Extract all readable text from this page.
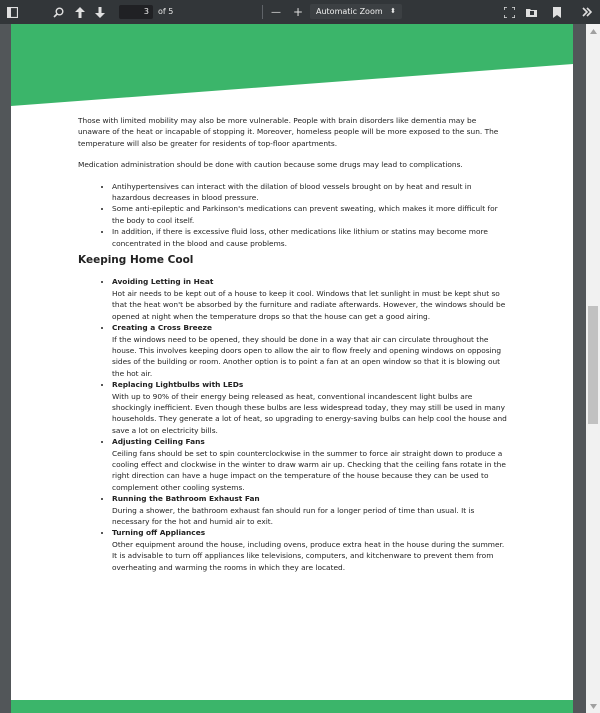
3	of 5	— +	Automatic Zoom ⬍

Those with limited mobility may also be more vulnerable. People with brain disorders like dementia may be unaware of the heat or incapable of stopping it. Moreover, homeless people will be more exposed to the sun. The temperature will also be greater for residents of top-floor apartments.

Medication administration should be done with caution because some drugs may lead to complications.

• Antihypertensives can interact with the dilation of blood vessels brought on by heat and result in hazardous decreases in blood pressure.
• Some anti-epileptic and Parkinson's medications can prevent sweating, which makes it more difficult for the body to cool itself.
• In addition, if there is excessive fluid loss, other medications like lithium or statins may become more concentrated in the blood and cause problems.
Keeping Home Cool
• Avoiding Letting in Heat
Hot air needs to be kept out of a house to keep it cool. Windows that let sunlight in must be kept shut so that the heat won't be absorbed by the furniture and radiate afterwards. However, the windows should be opened at night when the temperature drops so that the house can get a good airing.
• Creating a Cross Breeze
If the windows need to be opened, they should be done in a way that air can circulate throughout the house. This involves keeping doors open to allow the air to flow freely and opening windows on opposing sides of the building or room. Another option is to point a fan at an open window so that it is blowing out the hot air.
• Replacing Lightbulbs with LEDs
With up to 90% of their energy being released as heat, conventional incandescent light bulbs are shockingly inefficient. Even though these bulbs are less widespread today, they may still be used in many households. They generate a lot of heat, so upgrading to energy-saving bulbs can help cool the house and save a lot on electricity bills.
• Adjusting Ceiling Fans
Ceiling fans should be set to spin counterclockwise in the summer to force air straight down to produce a cooling effect and clockwise in the winter to draw warm air up. Checking that the ceiling fans rotate in the right direction can have a huge impact on the temperature of the house because they can be used to complement other cooling systems.
• Running the Bathroom Exhaust Fan
During a shower, the bathroom exhaust fan should run for a longer period of time than usual. It is necessary for the hot and humid air to exit.
• Turning off Appliances
Other equipment around the house, including ovens, produce extra heat in the house during the summer. It is advisable to turn off appliances like televisions, computers, and kitchenware to prevent them from overheating and warming the rooms in which they are located.
